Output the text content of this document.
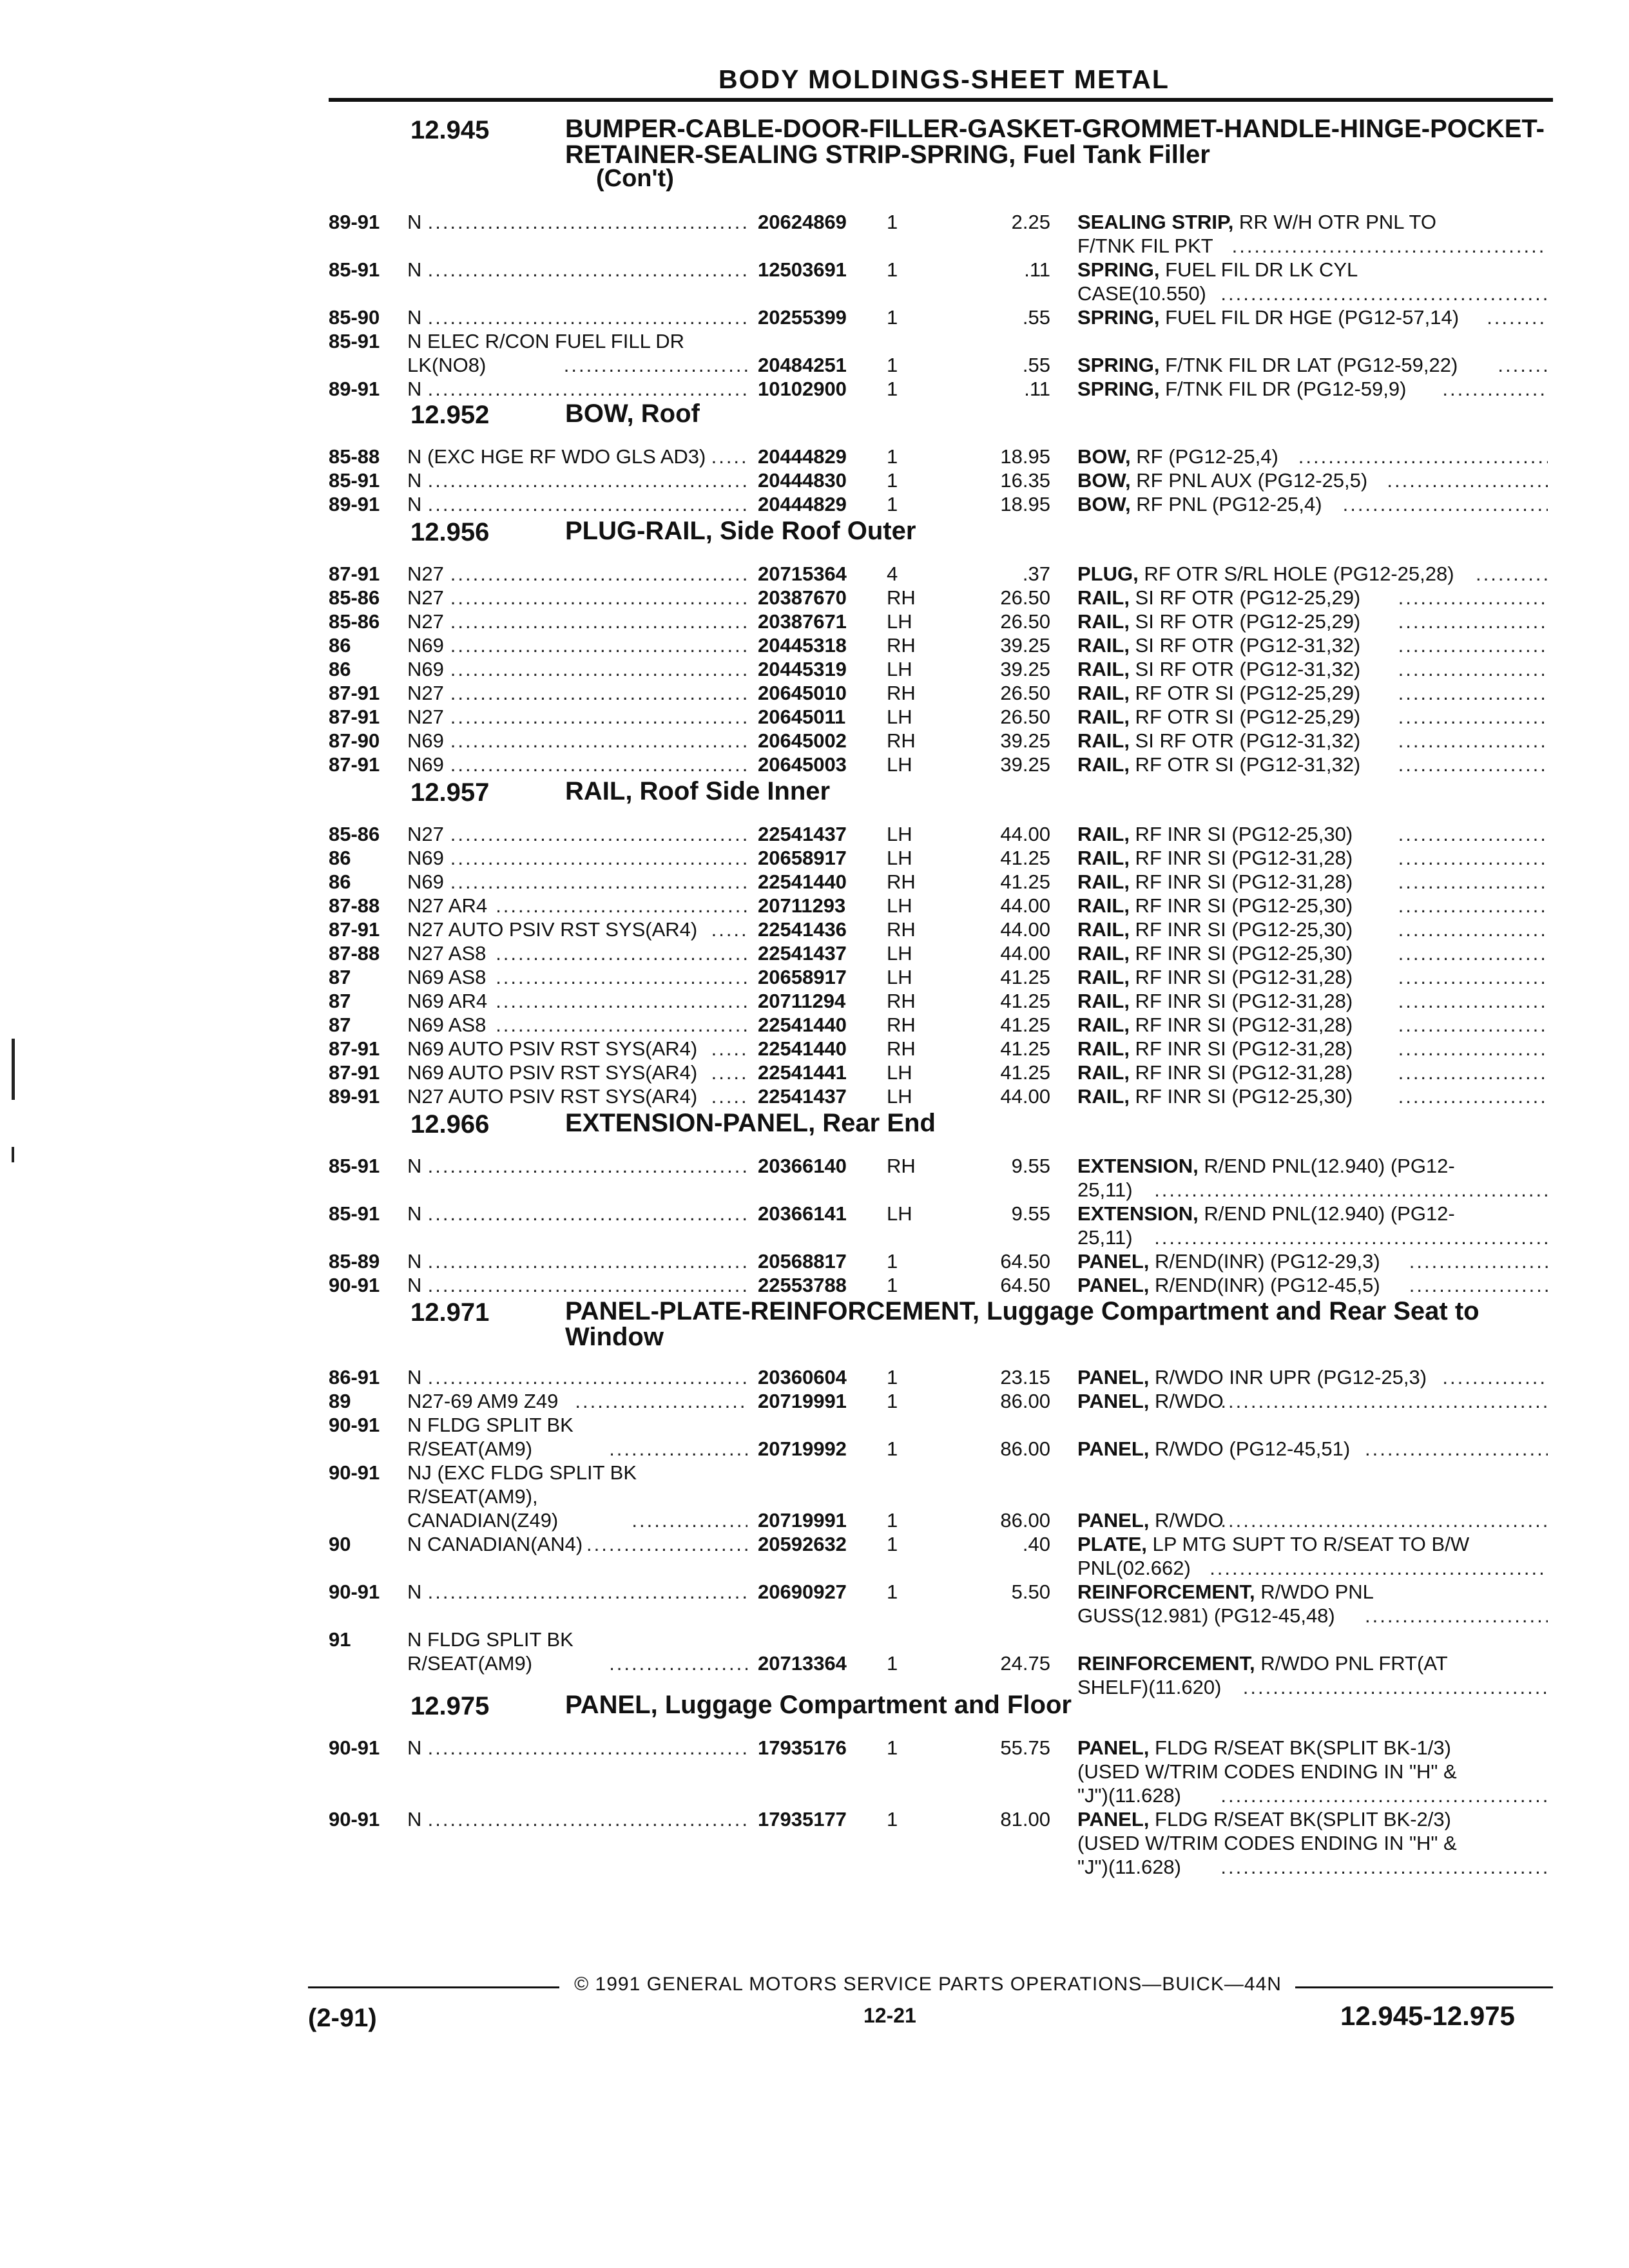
BODY MOLDINGS-SHEET METAL
12.945	BUMPER-CABLE-DOOR-FILLER-GASKET-GROMMET-HANDLE-HINGE-POCKET-RETAINER-SEALING STRIP-SPRING, Fuel Tank Filler
(Con't)
89-91 N .....	20624869 1	2.25 SEALING STRIP, RR W/H OTR PNL TO
F/TNK FIL PKT
.....
85-91 N .....	12503691 1	.11 SPRING, FUEL FIL DR LK CYL
CASE(10.550)
.....
85-90 N .....	20255399 1	.55 SPRING, FUEL FIL DR HGE (PG12-57,14)
.....
85-91 N ELEC R/CON FUEL FILL DR
LK(NO8) .....	20484251 1	.55 SPRING, F/TNK FIL DR LAT (PG12-59,22)
.....
89-91 N .....	10102900 1	.11 SPRING, F/TNK FIL DR (PG12-59,9)
.....
12.952	BOW, Roof
85-88 N (EXC HGE RF WDO GLS AD3) .....	20444829 1	18.95 BOW, RF (PG12-25,4)
.....
85-91 N .....	20444830 1	16.35 BOW, RF PNL AUX (PG12-25,5)
.....
89-91 N .....	20444829 1	18.95 BOW, RF PNL (PG12-25,4)
.....
12.956	PLUG-RAIL, Side Roof Outer
87-91 N27 .....	20715364 4	.37 PLUG, RF OTR S/RL HOLE (PG12-25,28)
.....
85-86 N27 .....	20387670 RH	26.50 RAIL, SI RF OTR (PG12-25,29)
.....
85-86 N27 .....	20387671 LH	26.50 RAIL, SI RF OTR (PG12-25,29)
.....
86	N69 .....	20445318 RH	39.25 RAIL, SI RF OTR (PG12-31,32)
.....
86	N69 .....	20445319 LH	39.25 RAIL, SI RF OTR (PG12-31,32)
.....
87-91 N27 .....	20645010 RH	26.50 RAIL, RF OTR SI (PG12-25,29)
.....
87-91 N27 .....	20645011 LH	26.50 RAIL, RF OTR SI (PG12-25,29)
.....
87-90 N69 .....	20645002 RH	39.25 RAIL, SI RF OTR (PG12-31,32)
.....
87-91 N69 .....	20645003 LH	39.25 RAIL, RF OTR SI (PG12-31,32)
.....
12.957	RAIL, Roof Side Inner
85-86 N27 .....	22541437 LH	44.00 RAIL, RF INR SI (PG12-25,30)
.....
86	N69 .....	20658917 LH	41.25 RAIL, RF INR SI (PG12-31,28)
.....
86	N69 .....	22541440 RH	41.25 RAIL, RF INR SI (PG12-31,28)
.....
87-88 N27 AR4 .....	20711293 LH	44.00 RAIL, RF INR SI (PG12-25,30)
.....
87-91 N27 AUTO PSIV RST SYS(AR4) .....	22541436 RH	44.00 RAIL, RF INR SI (PG12-25,30)
.....
87-88 N27 AS8 .....	22541437 LH	44.00 RAIL, RF INR SI (PG12-25,30)
.....
87	N69 AS8 .....	20658917 LH	41.25 RAIL, RF INR SI (PG12-31,28)
.....
87	N69 AR4 .....	20711294 RH	41.25 RAIL, RF INR SI (PG12-31,28)
.....
87	N69 AS8 .....	22541440 RH	41.25 RAIL, RF INR SI (PG12-31,28)
.....
87-91 N69 AUTO PSIV RST SYS(AR4) .....	22541440 RH	41.25 RAIL, RF INR SI (PG12-31,28)
.....
87-91 N69 AUTO PSIV RST SYS(AR4) .....	22541441 LH	41.25 RAIL, RF INR SI (PG12-31,28)
.....
89-91 N27 AUTO PSIV RST SYS(AR4) .....	22541437 LH	44.00 RAIL, RF INR SI (PG12-25,30)
.....
12.966	EXTENSION-PANEL, Rear End
85-91 N .....	20366140 RH	9.55 EXTENSION, R/END PNL(12.940) (PG12-
25,11)
.....
85-91 N .....	20366141 LH	9.55 EXTENSION, R/END PNL(12.940) (PG12-
25,11)
.....
85-89 N .....	20568817 1	64.50 PANEL, R/END(INR) (PG12-29,3)
.....
90-91 N .....	22553788 1	64.50 PANEL, R/END(INR) (PG12-45,5)
.....
12.971	PANEL-PLATE-REINFORCEMENT, Luggage Compartment and Rear Seat to Window
86-91 N .....	20360604 1	23.15 PANEL, R/WDO INR UPR (PG12-25,3)
.....
89	N27-69 AM9 Z49 .....	20719991 1	86.00 PANEL, R/WDO
.....
90-91 N FLDG SPLIT BK
R/SEAT(AM9) .....	20719992 1	86.00 PANEL, R/WDO (PG12-45,51)
.....
90-91 NJ (EXC FLDG SPLIT BK
R/SEAT(AM9),
CANADIAN(Z49) .....	20719991 1	86.00 PANEL, R/WDO
.....
90	N CANADIAN(AN4) .....	20592632 1	.40 PLATE, LP MTG SUPT TO R/SEAT TO B/W
PNL(02.662)
.....
90-91 N .....	20690927 1	5.50 REINFORCEMENT, R/WDO PNL
GUSS(12.981) (PG12-45,48)
.....
91	N FLDG SPLIT BK
R/SEAT(AM9) .....	20713364 1	24.75 REINFORCEMENT, R/WDO PNL FRT(AT
SHELF)(11.620)
.....
12.975	PANEL, Luggage Compartment and Floor
90-91 N .....	17935176 1	55.75 PANEL, FLDG R/SEAT BK(SPLIT BK-1/3)
(USED W/TRIM CODES ENDING IN "H" &
"J")(11.628)
.....
90-91 N .....	17935177 1	81.00 PANEL, FLDG R/SEAT BK(SPLIT BK-2/3)
(USED W/TRIM CODES ENDING IN "H" &
"J")(11.628)
.....
© 1991 GENERAL MOTORS SERVICE PARTS OPERATIONS—BUICK—44N
(2-91)	12-21	12.945-12.975
